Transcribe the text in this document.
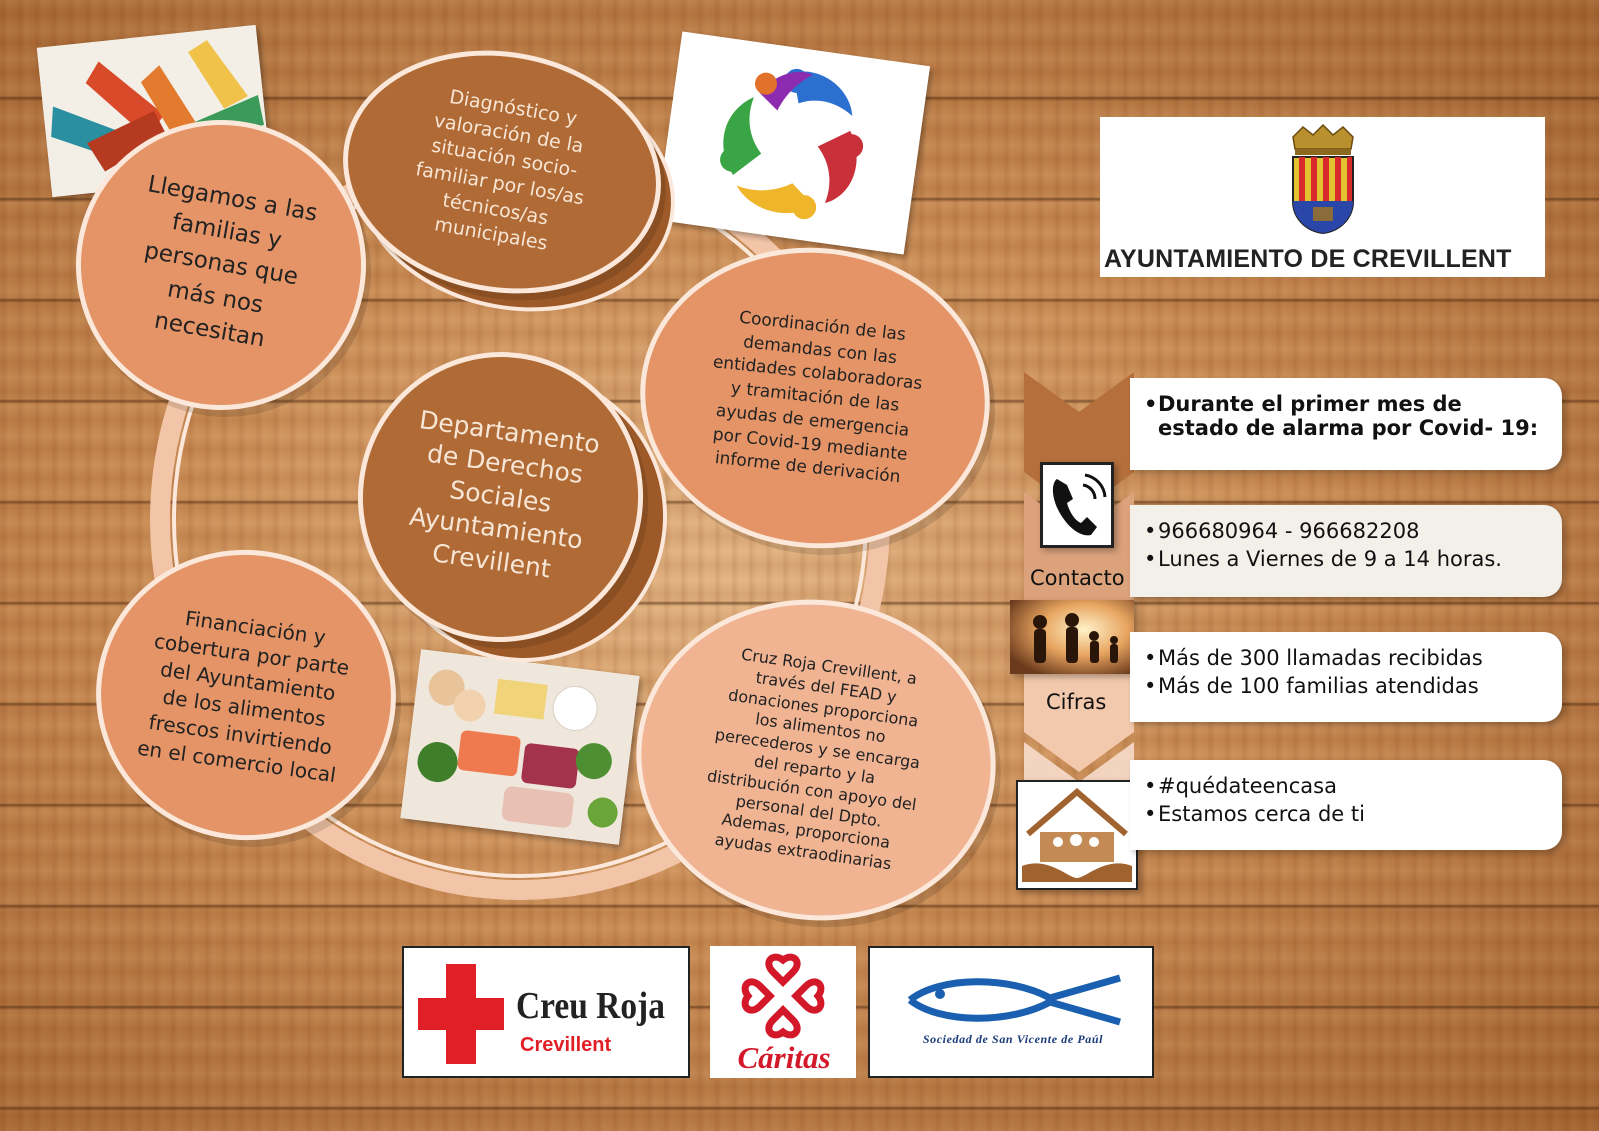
Llegamos a las
familias y
personas que
más nos
necesitan
Diagnóstico y
valoración de la
situación socio-
familiar por los/as
técnicos/as
municipales
Coordinación de las
demandas con las
entidades colaboradoras
y tramitación de las
ayudas de emergencia
por Covid-19 mediante
informe de derivación
Departamento
de Derechos
Sociales
Ayuntamiento
Crevillent
Financiación y
cobertura por parte
del Ayuntamiento
de los alimentos
frescos invirtiendo
en el comercio local
Cruz Roja Crevillent, a
través del FEAD y
donaciones proporciona
los alimentos no
perecederos y se encarga
del reparto y la
distribución con apoyo del
personal del Dpto.
Ademas, proporciona
ayudas extraodinarias
AYUNTAMIENTO DE CREVILLENT
Contacto
Cifras
• Durante el primer mes de estado de alarma por Covid- 19:
• 966680964 - 966682208
• Lunes a Viernes de 9 a 14 horas.
• Más de 300 llamadas recibidas
• Más de 100 familias atendidas
• #quédateencasa
• Estamos cerca de ti
Creu Roja
Crevillent	Cáritas
Sociedad de San Vicente de Paúl
